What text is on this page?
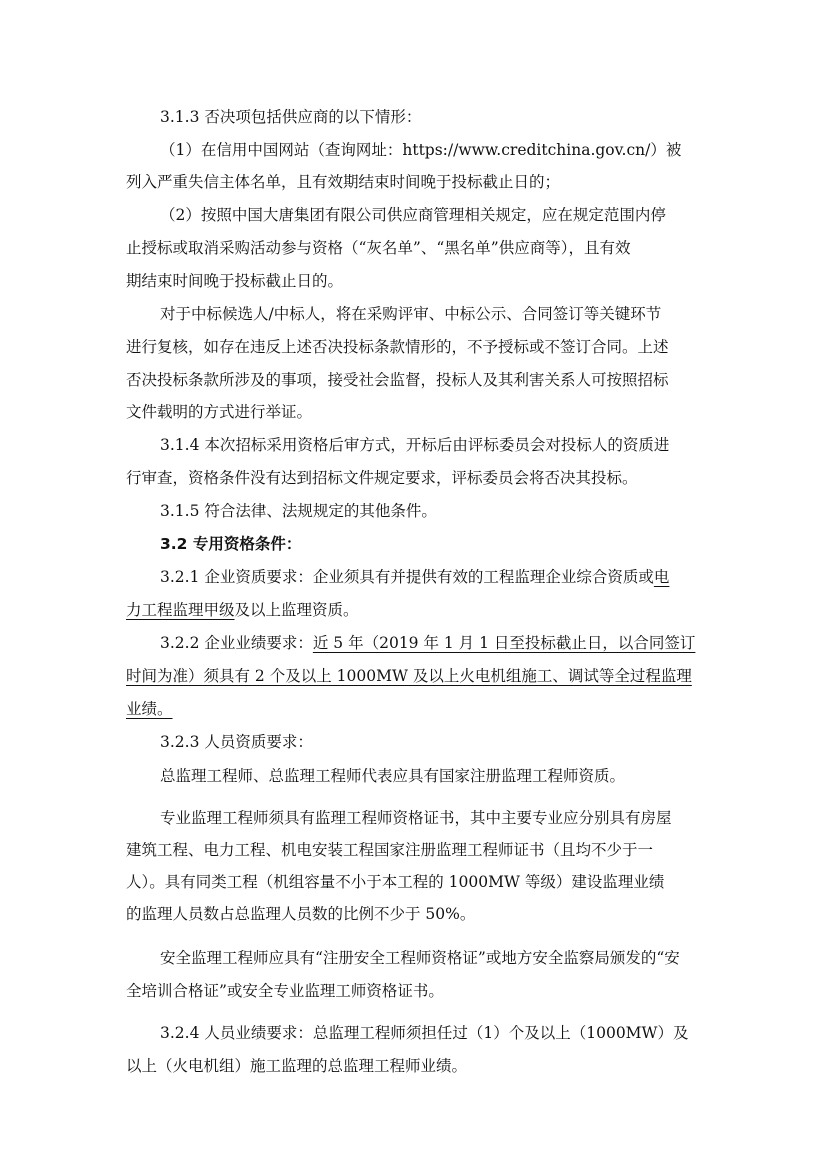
3.1.3 否决项包括供应商的以下情形：
（1）在信用中国网站（查询网址：https://www.creditchina.gov.cn/）被
列入严重失信主体名单，且有效期结束时间晚于投标截止日的；
（2）按照中国大唐集团有限公司供应商管理相关规定，应在规定范围内停
止授标或取消采购活动参与资格（“灰名单”、“黑名单”供应商等），且有效
期结束时间晚于投标截止日的。
对于中标候选人/中标人，将在采购评审、中标公示、合同签订等关键环节
进行复核，如存在违反上述否决投标条款情形的，不予授标或不签订合同。上述
否决投标条款所涉及的事项，接受社会监督，投标人及其利害关系人可按照招标
文件载明的方式进行举证。
3.1.4 本次招标采用资格后审方式，开标后由评标委员会对投标人的资质进
行审查，资格条件没有达到招标文件规定要求，评标委员会将否决其投标。
3.1.5 符合法律、法规规定的其他条件。
3.2 专用资格条件：
3.2.1 企业资质要求：企业须具有并提供有效的工程监理企业综合资质或电
力工程监理甲级及以上监理资质。
3.2.2 企业业绩要求：近 5 年（2019 年 1 月 1 日至投标截止日，以合同签订
时间为准）须具有 2 个及以上 1000MW 及以上火电机组施工、调试等全过程监理
业绩。
3.2.3 人员资质要求：
总监理工程师、总监理工程师代表应具有国家注册监理工程师资质。
专业监理工程师须具有监理工程师资格证书，其中主要专业应分别具有房屋
建筑工程、电力工程、机电安装工程国家注册监理工程师证书（且均不少于一
人）。具有同类工程（机组容量不小于本工程的 1000MW 等级）建设监理业绩
的监理人员数占总监理人员数的比例不少于 50%。
安全监理工程师应具有“注册安全工程师资格证”或地方安全监察局颁发的“安
全培训合格证”或安全专业监理工师资格证书。
3.2.4 人员业绩要求：总监理工程师须担任过（1）个及以上（1000MW）及
以上（火电机组）施工监理的总监理工程师业绩。
